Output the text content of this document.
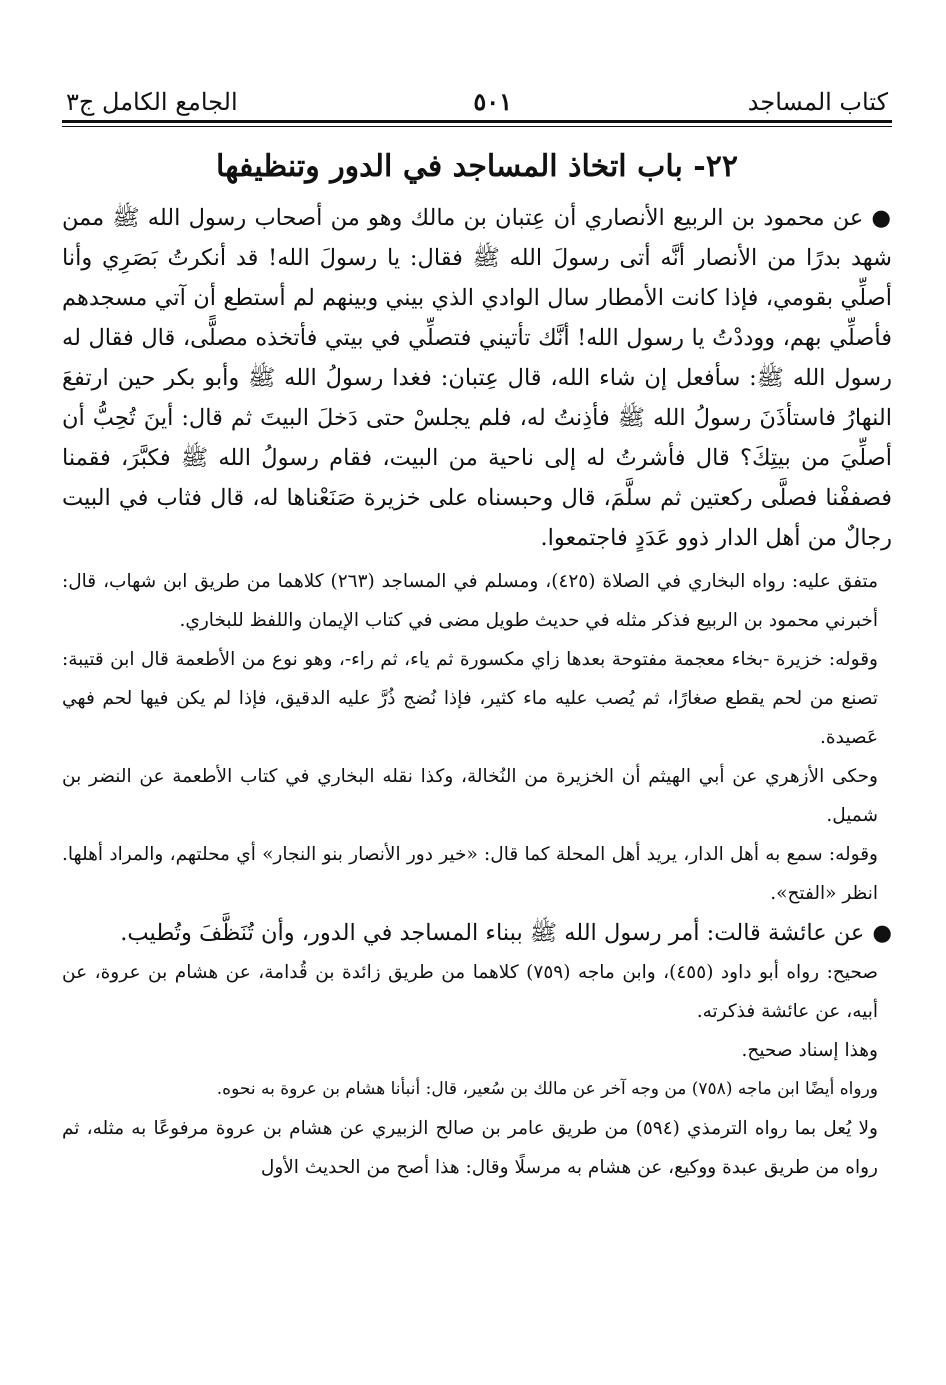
كتاب المساجد
٥٠١
الجامع الكامل ج٣
٢٢- باب اتخاذ المساجد في الدور وتنظيفها

●عن محمود بن الربيع الأنصاري أن عِتبان بن مالك وهو من أصحاب رسول الله ﷺ ممن شهد بدرًا من الأنصار أنَّه أتى رسولَ الله ﷺ فقال: يا رسولَ الله! قد أنكرتُ بَصَرِي وأنا أصلِّي بقومي، فإذا كانت الأمطار سال الوادي الذي بيني وبينهم لم أستطع أن آتي مسجدهم فأصلِّي بهم، ووددْتُ يا رسول الله! أنَّك تأتيني فتصلِّي في بيتي فأتخذه مصلًّى، قال فقال له رسول الله ﷺ: سأفعل إن شاء الله، قال عِتبان: فغدا رسولُ الله ﷺ وأبو بكر حين ارتفعَ النهارُ فاستأذَنَ رسولُ الله ﷺ فأذِنتُ له، فلم يجلسْ حتى دَخلَ البيتَ ثم قال: أينَ تُحِبُّ أن أصلِّيَ من بيتِكَ؟ قال فأشرتُ له إلى ناحية من البيت، فقام رسولُ الله ﷺ فكبَّرَ، فقمنا فصففْنا فصلَّى ركعتين ثم سلَّمَ، قال وحبسناه على خزيرة صَنَعْناها له، قال فثاب في البيت رجالٌ من أهل الدار ذوو عَدَدٍ فاجتمعوا.

متفق عليه: رواه البخاري في الصلاة (٤٢٥)، ومسلم في المساجد (٢٦٣) كلاهما من طريق ابن شهاب، قال: أخبرني محمود بن الربيع فذكر مثله في حديث طويل مضى في كتاب الإيمان واللفظ للبخاري.

وقوله: خزيرة -بخاء معجمة مفتوحة بعدها زاي مكسورة ثم ياء، ثم راء-، وهو نوع من الأطعمة قال ابن قتيبة: تصنع من لحم يقطع صغارًا، ثم يُصب عليه ماء كثير، فإذا نُضج ذُرَّ عليه الدقيق، فإذا لم يكن فيها لحم فهي عَصيدة.

وحكى الأزهري عن أبي الهيثم أن الخزيرة من النُخالة، وكذا نقله البخاري في كتاب الأطعمة عن النضر بن شميل.

وقوله: سمع به أهل الدار، يريد أهل المحلة كما قال: «خير دور الأنصار بنو النجار» أي محلتهم، والمراد أهلها. انظر «الفتح».

●عن عائشة قالت: أمر رسول الله ﷺ ببناء المساجد في الدور، وأن تُنَظَّفَ وتُطيب.

صحيح: رواه أبو داود (٤٥٥)، وابن ماجه (٧٥٩) كلاهما من طريق زائدة بن قُدامة، عن هشام بن عروة، عن أبيه، عن عائشة فذكرته.

وهذا إسناد صحيح.

ورواه أيضًا ابن ماجه (٧٥٨) من وجه آخر عن مالك بن سُعير، قال: أنبأنا هشام بن عروة به نحوه.

ولا يُعل بما رواه الترمذي (٥٩٤) من طريق عامر بن صالح الزبيري عن هشام بن عروة مرفوعًا به مثله، ثم رواه من طريق عبدة ووكيع، عن هشام به مرسلًا وقال: هذا أصح من الحديث الأول
